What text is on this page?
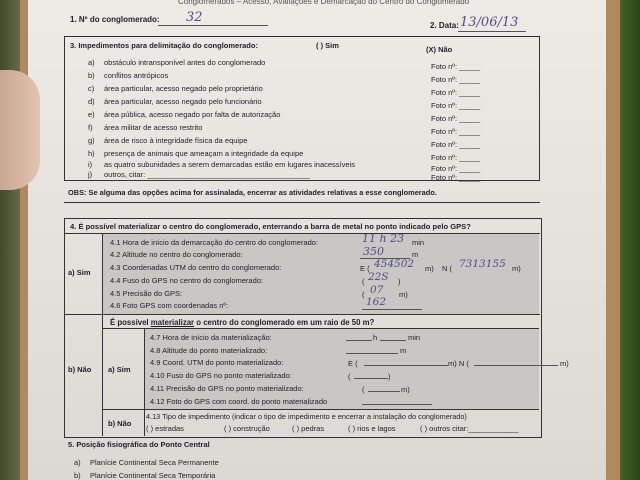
Conglomerados – Acesso, Avaliações e Demarcação do Centro do Conglomerado
1. Nº do conglomerado: 32
2. Data: 13/06/13
3. Impedimentos para delimitação do conglomerado:	( ) Sim	(X) Não
a) obstáculo intransponível antes do conglomerado	Foto nº: _____
b) conflitos antrópicos	Foto nº: _____
c) área particular, acesso negado pelo proprietário	Foto nº: _____
d) área particular, acesso negado pelo funcionário	Foto nº: _____
e) área pública, acesso negado por falta de autorização	Foto nº: _____
f) área militar de acesso restrito	Foto nº: _____
g) área de risco à integridade física da equipe	Foto nº: _____
h) presença de animais que ameaçam a integridade da equipe	Foto nº: _____
i) as quatro subunidades a serem demarcadas estão em lugares inacessíveis	Foto nº: _____
j) outros, citar: _______________________________________	Foto nº: _____
OBS: Se alguma das opções acima for assinalada, encerrar as atividades relativas a esse conglomerado.
4. É possível materializar o centro do conglomerado, enterrando a barra de metal no ponto indicado pelo GPS?
a) Sim
4.1 Hora de início da demarcação do centro do conglomerado:	11 h 23 min
4.2 Altitude no centro do conglomerado:	350	m
4.3 Coordenadas UTM do centro do conglomerado:	E ( 454502 m) N ( 7313155 m)
4.4 Fuso do GPS no centro do conglomerado:	( 22S )
4.5 Precisão do GPS:	( 07 m)
4.6 Foto GPS com coordenadas nº:	162
b) Não
É possível materializar o centro do conglomerado em um raio de 50 m?
a) Sim
4.7 Hora de início da materialização:	h	min
4.8 Altitude do ponto materializado:	m
4.9 Coord. UTM do ponto materializado:	E (	m) N (	m)
4.10 Fuso do GPS no ponto materializado:	(	)
4.11 Precisão do GPS no ponto materializado:	(	m)
4.12 Foto do GPS com coord. do ponto materializado
b) Não
4.13 Tipo de impedimento (indicar o tipo de impedimento e encerrar a instalação do conglomerado)
( ) estradas	( ) construção	( ) pedras	( ) rios e lagos	( ) outros citar:____________
5. Posição fisiográfica do Ponto Central
a) Planície Continental Seca Permanente
b) Planície Continental Seca Temporária
